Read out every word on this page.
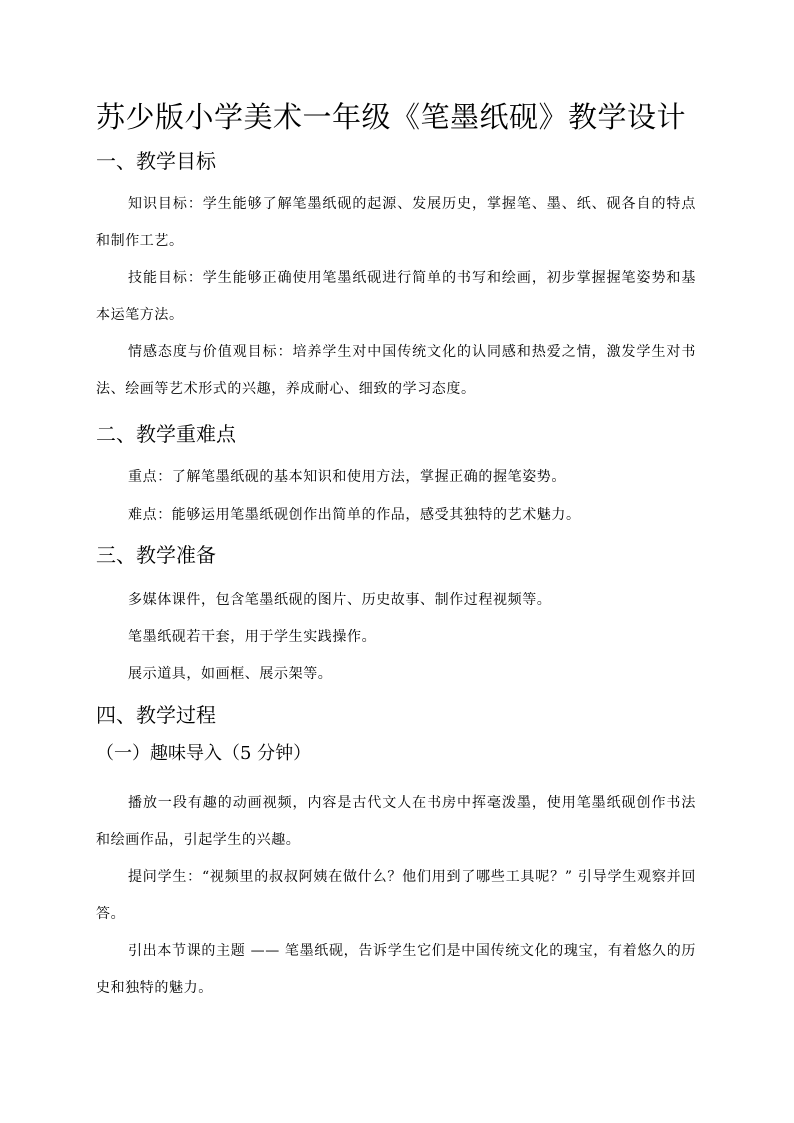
苏少版小学美术一年级《笔墨纸砚》教学设计
一、教学目标
知识目标：学生能够了解笔墨纸砚的起源、发展历史，掌握笔、墨、纸、砚各自的特点和制作工艺。
技能目标：学生能够正确使用笔墨纸砚进行简单的书写和绘画，初步掌握握笔姿势和基本运笔方法。
情感态度与价值观目标：培养学生对中国传统文化的认同感和热爱之情，激发学生对书法、绘画等艺术形式的兴趣，养成耐心、细致的学习态度。
二、教学重难点
重点：了解笔墨纸砚的基本知识和使用方法，掌握正确的握笔姿势。
难点：能够运用笔墨纸砚创作出简单的作品，感受其独特的艺术魅力。
三、教学准备
多媒体课件，包含笔墨纸砚的图片、历史故事、制作过程视频等。
笔墨纸砚若干套，用于学生实践操作。
展示道具，如画框、展示架等。
四、教学过程
（一）趣味导入（5 分钟）
播放一段有趣的动画视频，内容是古代文人在书房中挥毫泼墨，使用笔墨纸砚创作书法和绘画作品，引起学生的兴趣。
提问学生：“视频里的叔叔阿姨在做什么？他们用到了哪些工具呢？” 引导学生观察并回答。
引出本节课的主题 —— 笔墨纸砚，告诉学生它们是中国传统文化的瑰宝，有着悠久的历史和独特的魅力。
